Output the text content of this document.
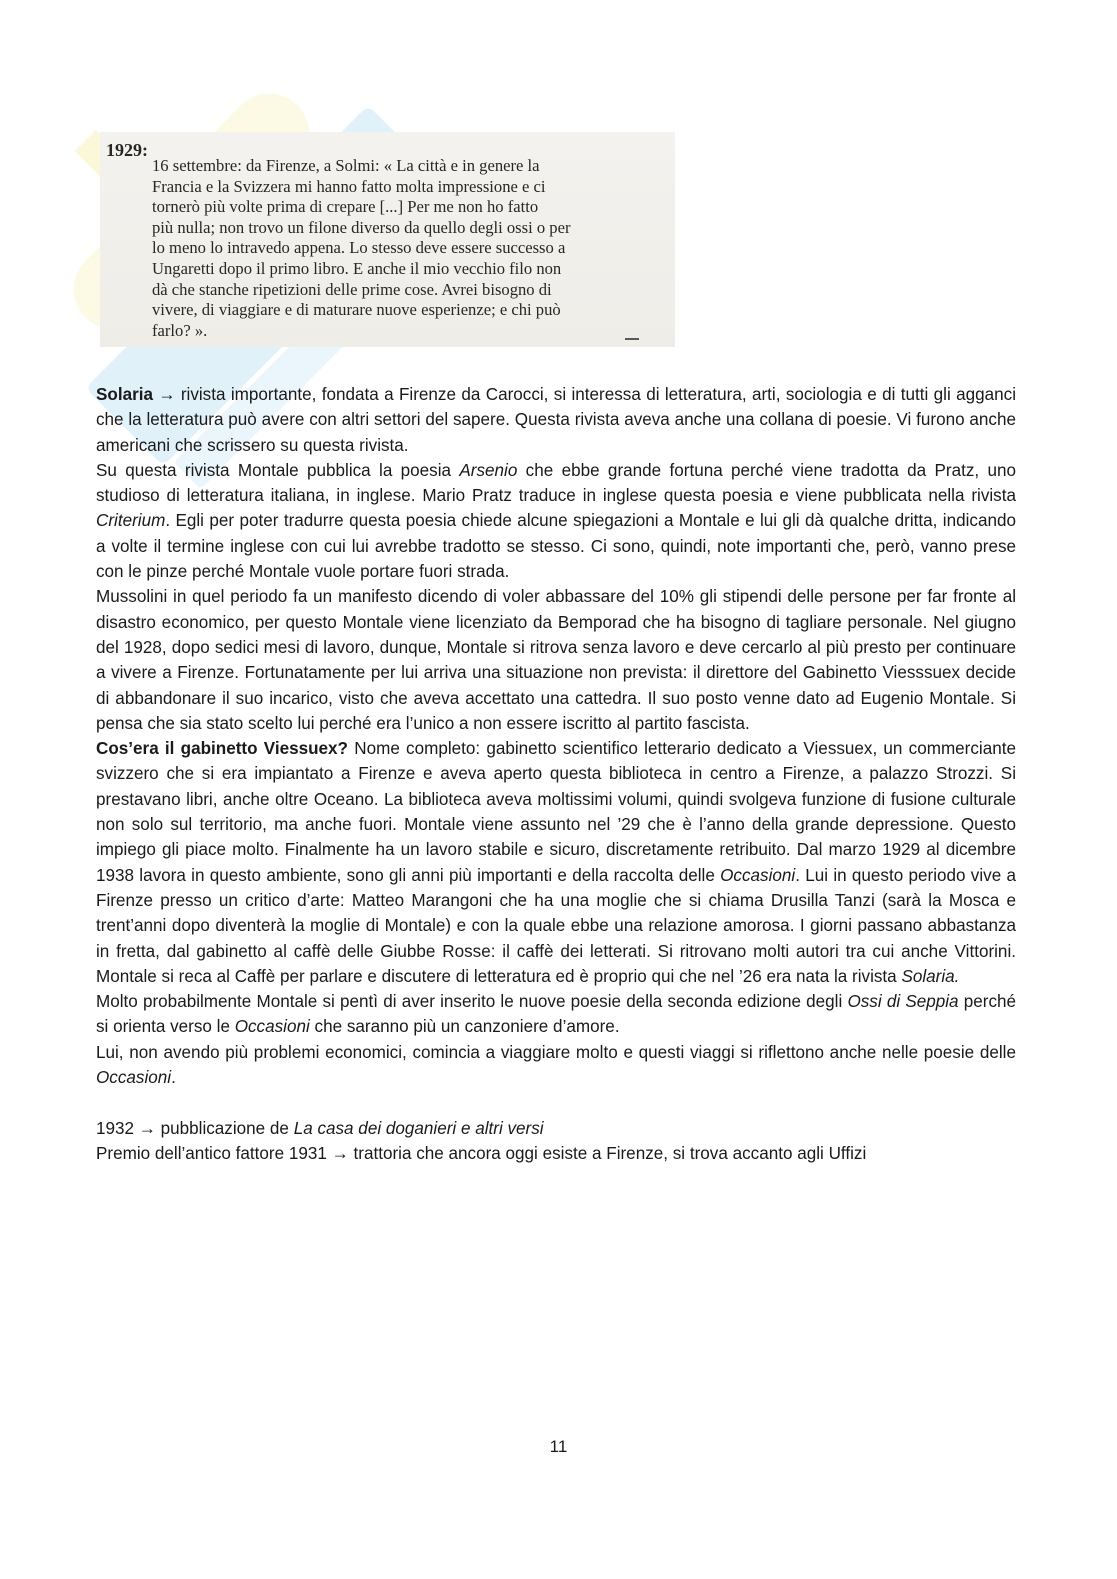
1929:

16 settembre: da Firenze, a Solmi: « La città e in genere la
Francia e la Svizzera mi hanno fatto molta impressione e ci
tornerò più volte prima di crepare [...] Per me non ho fatto
più nulla; non trovo un filone diverso da quello degli ossi o per
lo meno lo intravedo appena. Lo stesso deve essere successo a
Ungaretti dopo il primo libro. E anche il mio vecchio filo non
dà che stanche ripetizioni delle prime cose. Avrei bisogno di
vivere, di viaggiare e di maturare nuove esperienze; e chi può
farlo? ».

Solaria → rivista importante, fondata a Firenze da Carocci, si interessa di letteratura, arti, sociologia e di tutti gli agganci che la letteratura può avere con altri settori del sapere. Questa rivista aveva anche una collana di poesie. Vi furono anche americani che scrissero su questa rivista.

Su questa rivista Montale pubblica la poesia Arsenio che ebbe grande fortuna perché viene tradotta da Pratz, uno studioso di letteratura italiana, in inglese. Mario Pratz traduce in inglese questa poesia e viene pubblicata nella rivista Criterium. Egli per poter tradurre questa poesia chiede alcune spiegazioni a Montale e lui gli dà qualche dritta, indicando a volte il termine inglese con cui lui avrebbe tradotto se stesso. Ci sono, quindi, note importanti che, però, vanno prese con le pinze perché Montale vuole portare fuori strada.

Mussolini in quel periodo fa un manifesto dicendo di voler abbassare del 10% gli stipendi delle persone per far fronte al disastro economico, per questo Montale viene licenziato da Bemporad che ha bisogno di tagliare personale. Nel giugno del 1928, dopo sedici mesi di lavoro, dunque, Montale si ritrova senza lavoro e deve cercarlo al più presto per continuare a vivere a Firenze. Fortunatamente per lui arriva una situazione non prevista: il direttore del Gabinetto Viesssuex decide di abbandonare il suo incarico, visto che aveva accettato una cattedra. Il suo posto venne dato ad Eugenio Montale. Si pensa che sia stato scelto lui perché era l’unico a non essere iscritto al partito fascista.

Cos’era il gabinetto Viessuex? Nome completo: gabinetto scientifico letterario dedicato a Viessuex, un commerciante svizzero che si era impiantato a Firenze e aveva aperto questa biblioteca in centro a Firenze, a palazzo Strozzi. Si prestavano libri, anche oltre Oceano. La biblioteca aveva moltissimi volumi, quindi svolgeva funzione di fusione culturale non solo sul territorio, ma anche fuori. Montale viene assunto nel ’29 che è l’anno della grande depressione. Questo impiego gli piace molto. Finalmente ha un lavoro stabile e sicuro, discretamente retribuito. Dal marzo 1929 al dicembre 1938 lavora in questo ambiente, sono gli anni più importanti e della raccolta delle Occasioni. Lui in questo periodo vive a Firenze presso un critico d’arte: Matteo Marangoni che ha una moglie che si chiama Drusilla Tanzi (sarà la Mosca e trent’anni dopo diventerà la moglie di Montale) e con la quale ebbe una relazione amorosa. I giorni passano abbastanza in fretta, dal gabinetto al caffè delle Giubbe Rosse: il caffè dei letterati. Si ritrovano molti autori tra cui anche Vittorini. Montale si reca al Caffè per parlare e discutere di letteratura ed è proprio qui che nel ’26 era nata la rivista Solaria.

Molto probabilmente Montale si pentì di aver inserito le nuove poesie della seconda edizione degli Ossi di Seppia perché si orienta verso le Occasioni che saranno più un canzoniere d’amore.

Lui, non avendo più problemi economici, comincia a viaggiare molto e questi viaggi si riflettono anche nelle poesie delle Occasioni.

1932 → pubblicazione de La casa dei doganieri e altri versi

Premio dell’antico fattore 1931 → trattoria che ancora oggi esiste a Firenze, si trova accanto agli Uffizi

11
